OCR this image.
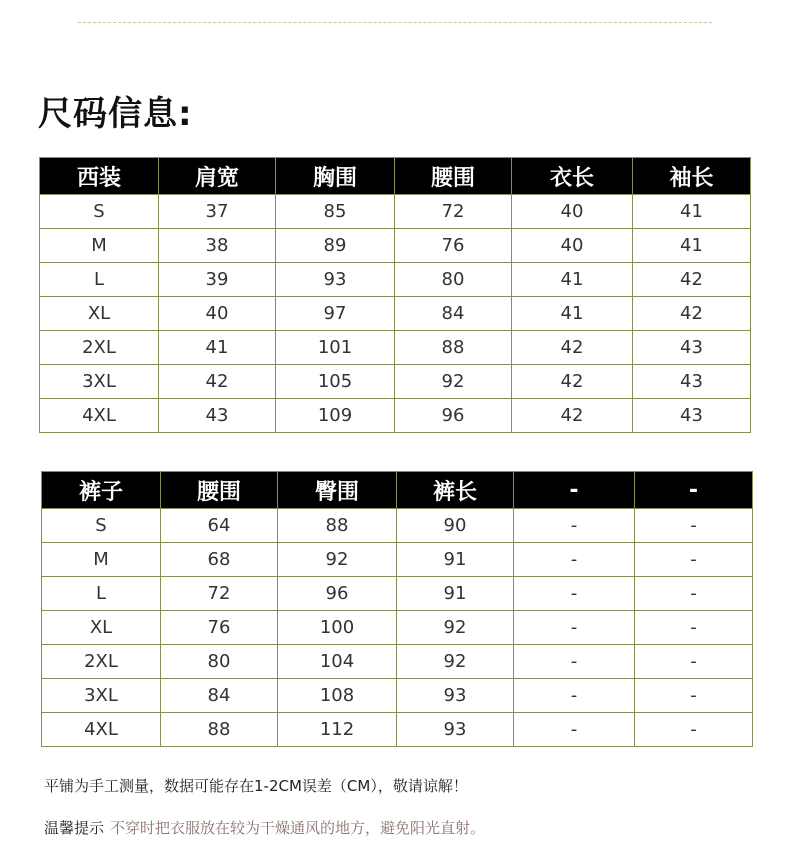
尺码信息:
西装	肩宽	胸围	腰围	衣长	袖长
S	37	85	72	40	41
M	38	89	76	40	41
L	39	93	80	41	42
XL	40	97	84	41	42
2XL	41	101	88	42	43
3XL	42	105	92	42	43
4XL	43	109	96	42	43
裤子	腰围	臀围	裤长	-	-
S	64	88	90	-	-
M	68	92	91	-	-
L	72	96	91	-	-
XL	76	100	92	-	-
2XL	80	104	92	-	-
3XL	84	108	93	-	-
4XL	88	112	93	-	-
平铺为手工测量，数据可能存在1-2CM误差（CM），敬请谅解！
温馨提示 不穿时把衣服放在较为干燥通风的地方，避免阳光直射。
